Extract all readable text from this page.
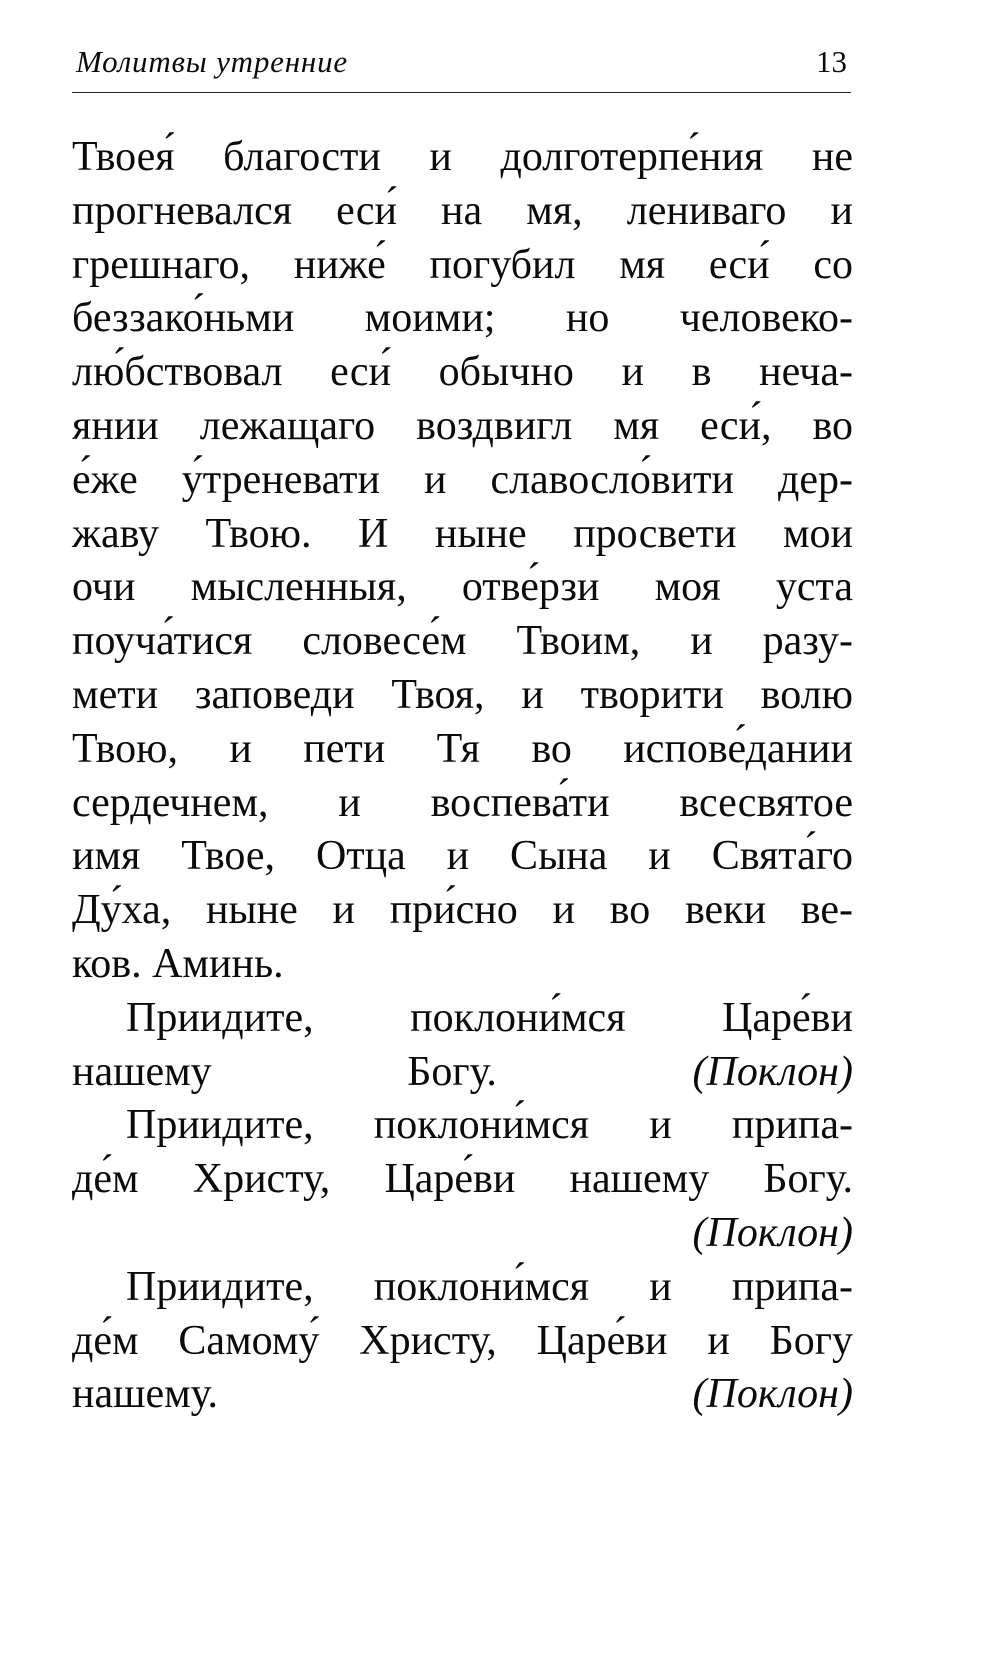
Молитвы утренние	13
Твоея́ благости и долготерпе́ния не
прогневался еси́ на мя, лениваго и
грешнаго, ниже́ погубил мя еси́ со
беззако́ньми моими; но человеко-
лю́бствовал еси́ обычно и в неча-
янии лежащаго воздвигл мя еси́, во
е́же у́треневати и славосло́вити дер-
жаву Твою. И ныне просвети мои
очи мысленныя, отве́рзи моя уста
поуча́тися словесе́м Твоим, и разу-
мети заповеди Твоя, и творити волю
Твою, и пети Тя во испове́дании
сердечнем, и воспева́ти всесвятое
имя Твое, Отца и Сына и Свята́го
Ду́ха, ныне и при́сно и во веки ве-
ков. Аминь.
Приидите, поклони́мся Царе́ви
нашему Богу.	(Поклон)
Приидите, поклони́мся и припа-
де́м Христу, Царе́ви нашему Богу.
(Поклон)
Приидите, поклони́мся и припа-
де́м Самому́ Христу, Царе́ви и Богу
нашему.	(Поклон)
